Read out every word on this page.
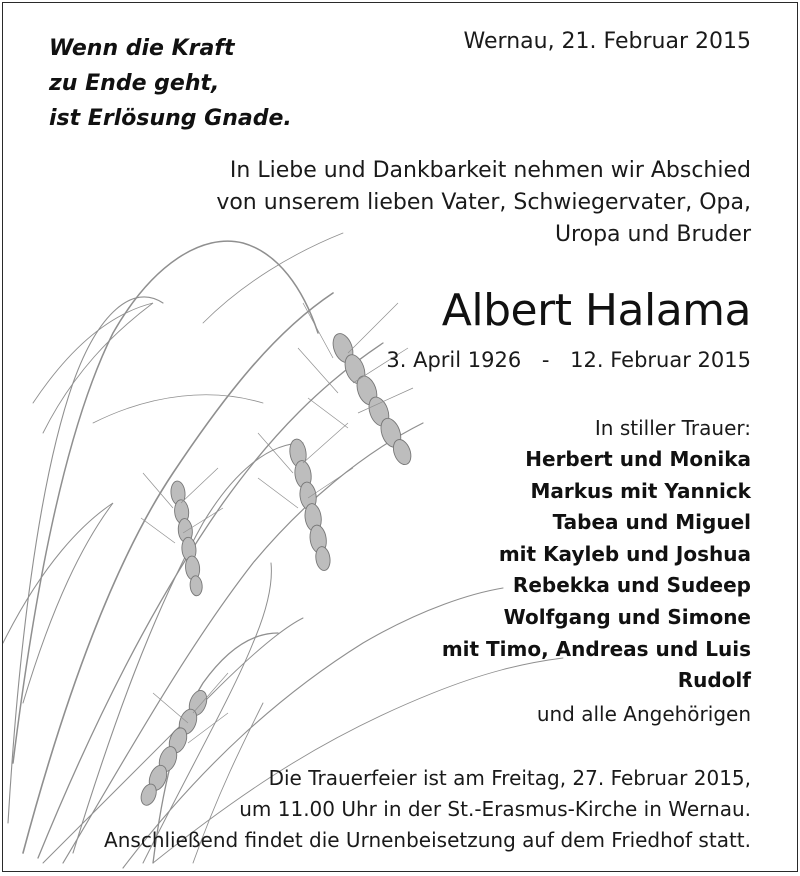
Wenn die Kraft
zu Ende geht,
ist Erlösung Gnade.
Wernau, 21. Februar 2015
In Liebe und Dankbarkeit nehmen wir Abschied
von unserem lieben Vater, Schwiegervater, Opa,
Uropa und Bruder
Albert Halama
3. April 1926 - 12. Februar 2015
In stiller Trauer:
Herbert und Monika
Markus mit Yannick
Tabea und Miguel
mit Kayleb und Joshua
Rebekka und Sudeep
Wolfgang und Simone
mit Timo, Andreas und Luis
Rudolf
und alle Angehörigen
Die Trauerfeier ist am Freitag, 27. Februar 2015,
um 11.00 Uhr in der St.-Erasmus-Kirche in Wernau.
Anschließend findet die Urnenbeisetzung auf dem Friedhof statt.
